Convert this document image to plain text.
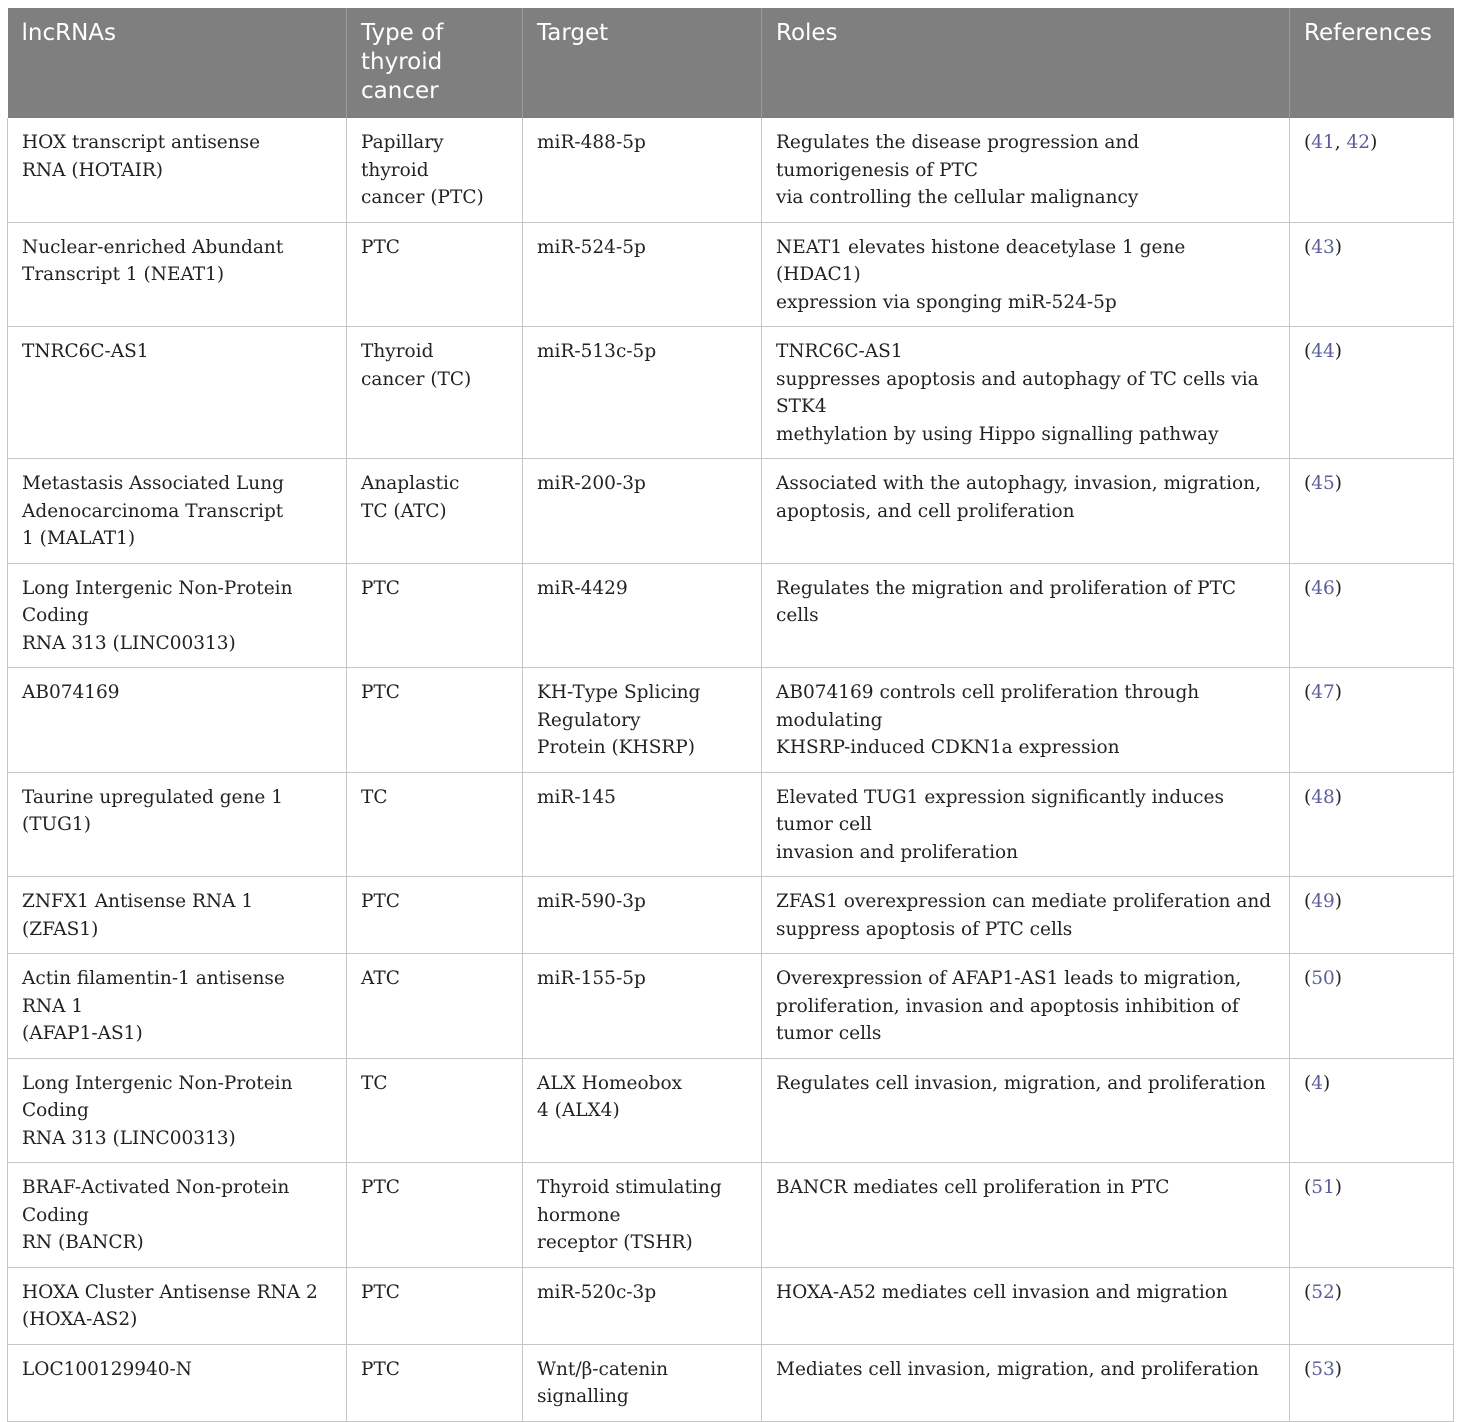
lncRNAs	Type of
thyroid
cancer	Target	Roles	References

HOX transcript antisense
RNA (HOTAIR)	Papillary thyroid
cancer (PTC)	miR-488-5p	Regulates the disease progression and tumorigenesis of PTC
via controlling the cellular malignancy	(41, 42)
Nuclear-enriched Abundant
Transcript 1 (NEAT1)	PTC	miR-524-5p	NEAT1 elevates histone deacetylase 1 gene (HDAC1)
expression via sponging miR-524-5p	(43)
TNRC6C-AS1	Thyroid
cancer (TC)	miR-513c-5p	TNRC6C-AS1
suppresses apoptosis and autophagy of TC cells via STK4
methylation by using Hippo signalling pathway	(44)
Metastasis Associated Lung
Adenocarcinoma Transcript
1 (MALAT1)	Anaplastic
TC (ATC)	miR-200-3p	Associated with the autophagy, invasion, migration,
apoptosis, and cell proliferation	(45)
Long Intergenic Non-Protein Coding
RNA 313 (LINC00313)	PTC	miR-4429	Regulates the migration and proliferation of PTC cells	(46)
AB074169	PTC	KH-Type Splicing
Regulatory
Protein (KHSRP)	AB074169 controls cell proliferation through modulating
KHSRP-induced CDKN1a expression	(47)
Taurine upregulated gene 1 (TUG1)	TC	miR-145	Elevated TUG1 expression significantly induces tumor cell
invasion and proliferation	(48)
ZNFX1 Antisense RNA 1 (ZFAS1)	PTC	miR-590-3p	ZFAS1 overexpression can mediate proliferation and
suppress apoptosis of PTC cells	(49)
Actin filamentin-1 antisense RNA 1
(AFAP1-AS1)	ATC	miR-155-5p	Overexpression of AFAP1-AS1 leads to migration,
proliferation, invasion and apoptosis inhibition of
tumor cells	(50)
Long Intergenic Non-Protein Coding
RNA 313 (LINC00313)	TC	ALX Homeobox
4 (ALX4)	Regulates cell invasion, migration, and proliferation	(4)
BRAF-Activated Non-protein Coding
RN (BANCR)	PTC	Thyroid stimulating
hormone
receptor (TSHR)	BANCR mediates cell proliferation in PTC	(51)
HOXA Cluster Antisense RNA 2
(HOXA-AS2)	PTC	miR-520c-3p	HOXA-A52 mediates cell invasion and migration	(52)
LOC100129940-N	PTC	Wnt/β-catenin signalling	Mediates cell invasion, migration, and proliferation	(53)
